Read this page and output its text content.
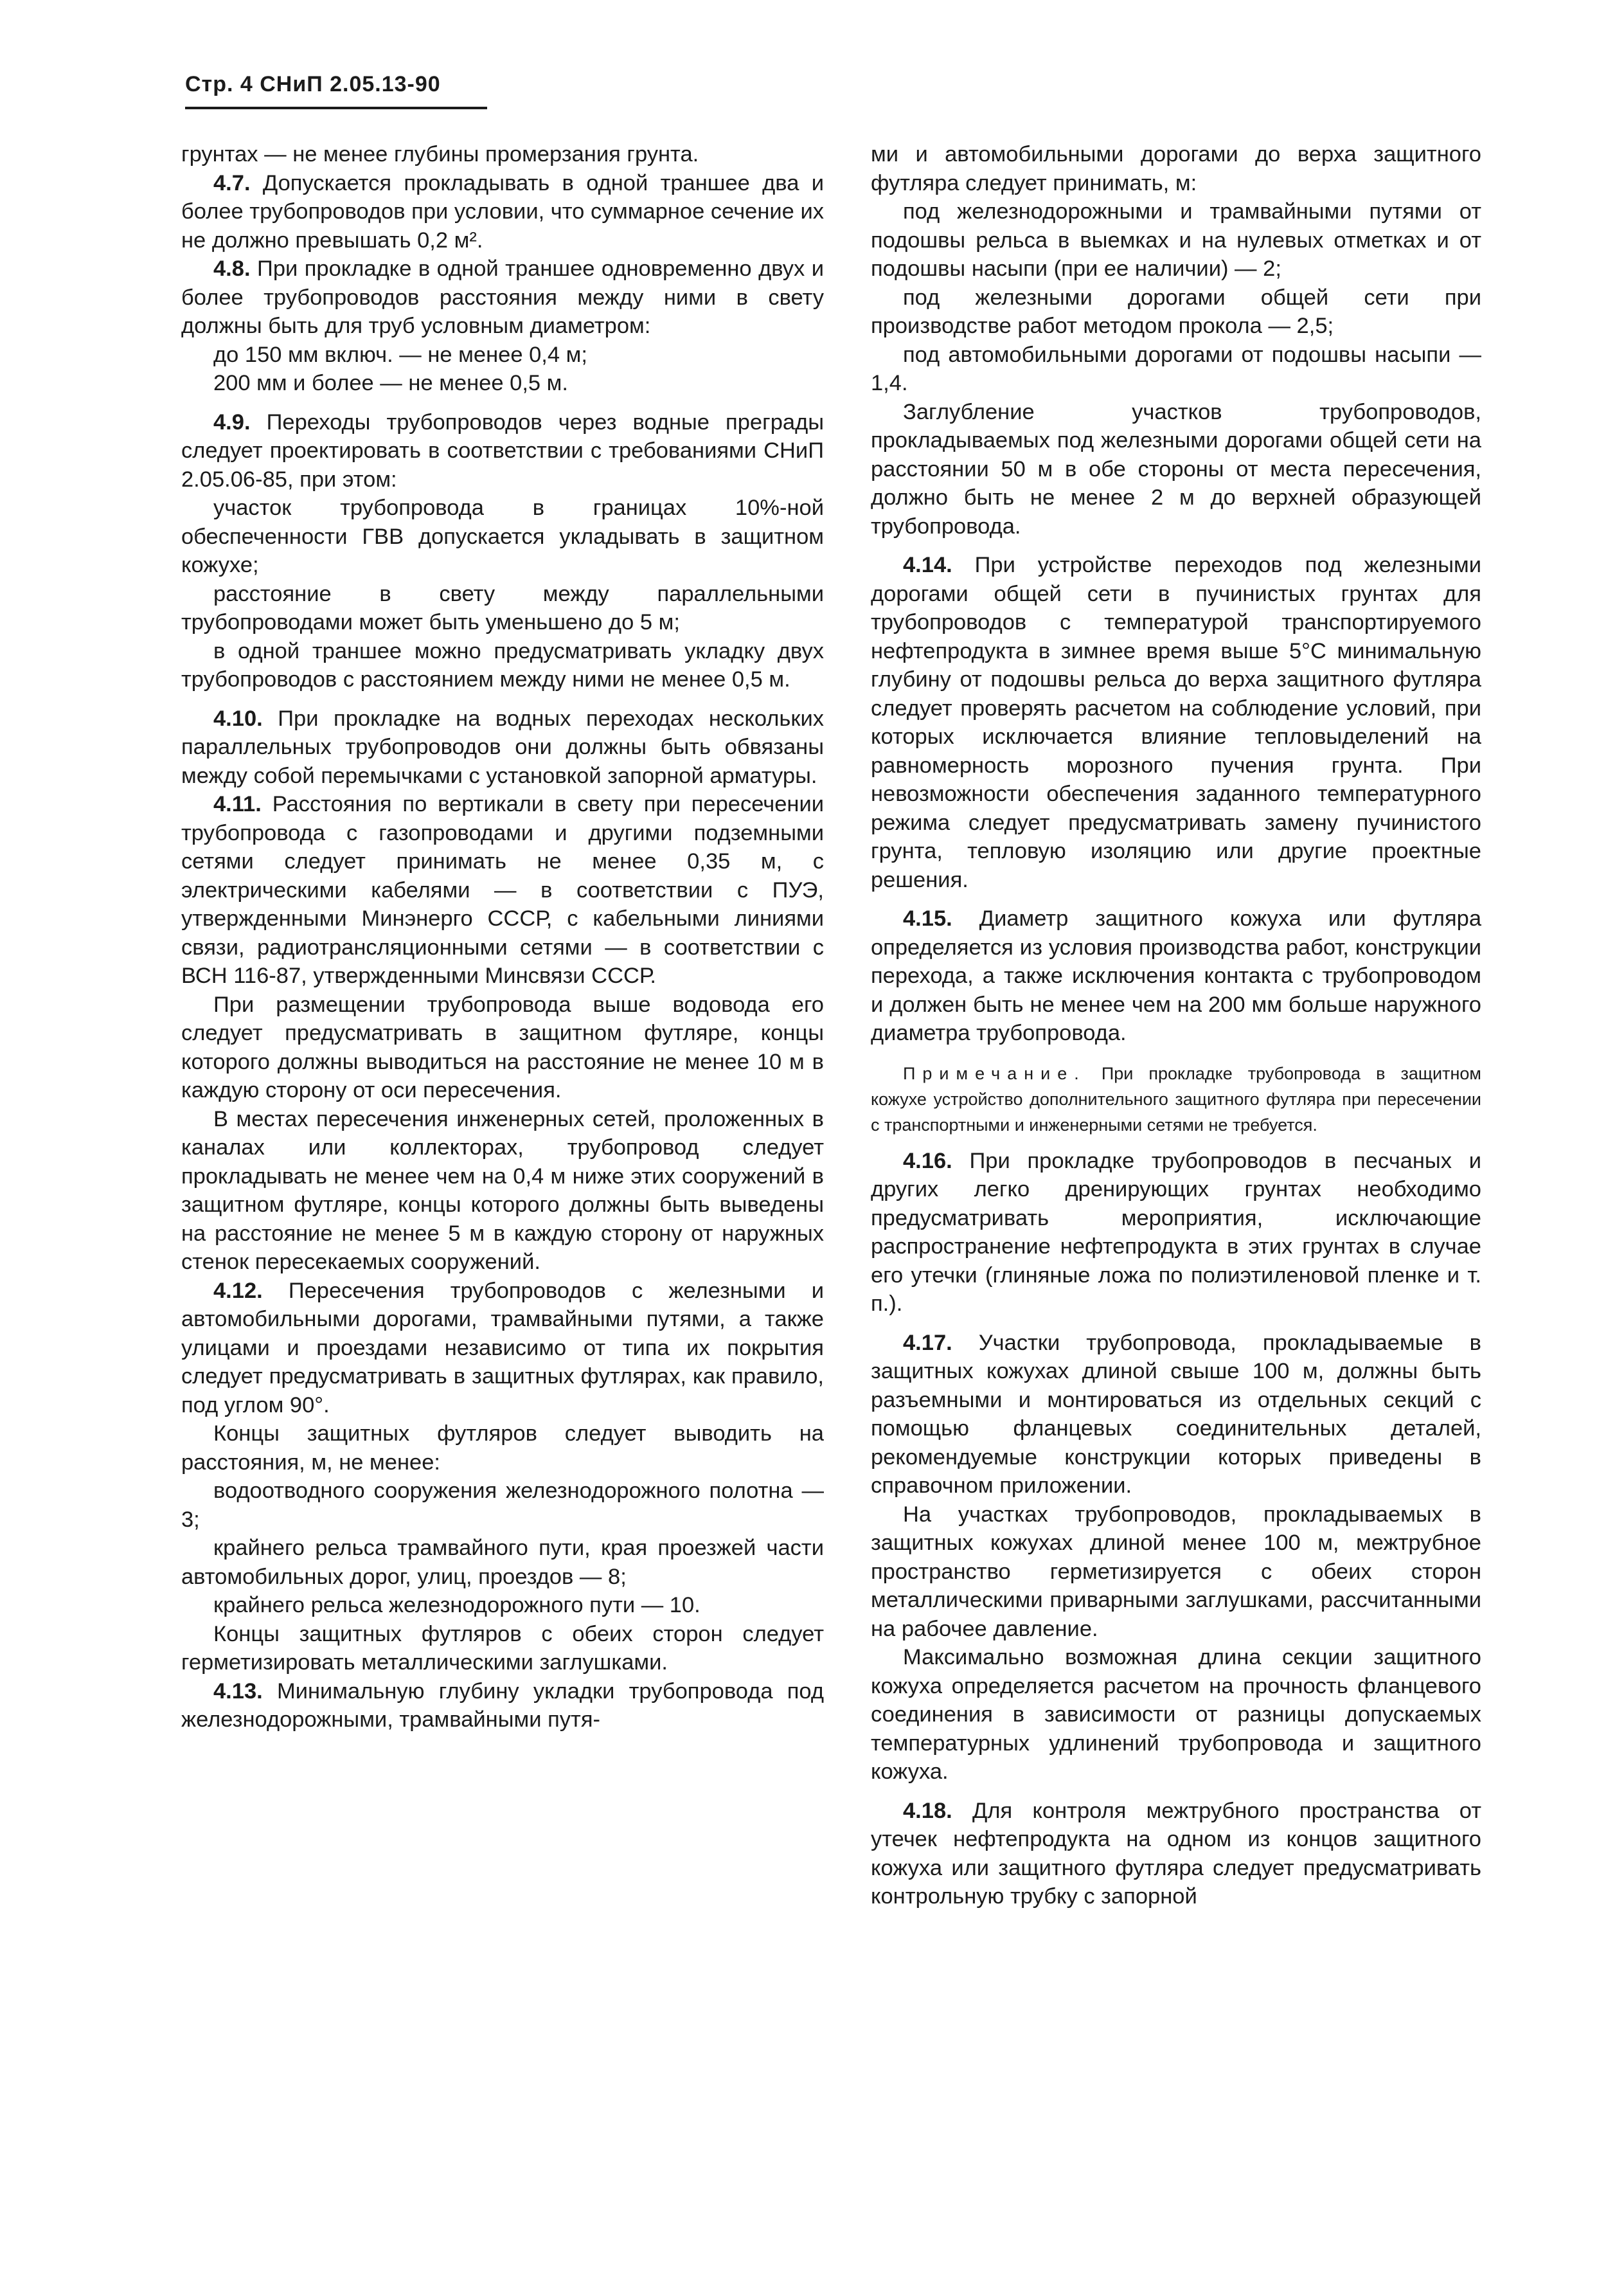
Стр. 4 СНиП 2.05.13-90

грунтах — не менее глубины промерзания грунта.

4.7. Допускается прокладывать в одной траншее два и более трубопроводов при условии, что суммарное сечение их не должно превышать 0,2 м².

4.8. При прокладке в одной траншее одновременно двух и более трубопроводов расстояния между ними в свету должны быть для труб условным диаметром:

до 150 мм включ. — не менее 0,4 м;

200 мм и более — не менее 0,5 м.

4.9. Переходы трубопроводов через водные преграды следует проектировать в соответствии с требованиями СНиП 2.05.06-85, при этом:

участок трубопровода в границах 10%-ной обеспеченности ГВВ допускается укладывать в защитном кожухе;

расстояние в свету между параллельными трубопроводами может быть уменьшено до 5 м;

в одной траншее можно предусматривать укладку двух трубопроводов с расстоянием между ними не менее 0,5 м.

4.10. При прокладке на водных переходах нескольких параллельных трубопроводов они должны быть обвязаны между собой перемычками с установкой запорной арматуры.

4.11. Расстояния по вертикали в свету при пересечении трубопровода с газопроводами и другими подземными сетями следует принимать не менее 0,35 м, с электрическими кабелями — в соответствии с ПУЭ, утвержденными Минэнерго СССР, с кабельными линиями связи, радиотрансляционными сетями — в соответствии с ВСН 116-87, утвержденными Минсвязи СССР.

При размещении трубопровода выше водовода его следует предусматривать в защитном футляре, концы которого должны выводиться на расстояние не менее 10 м в каждую сторону от оси пересечения.

В местах пересечения инженерных сетей, проложенных в каналах или коллекторах, трубопровод следует прокладывать не менее чем на 0,4 м ниже этих сооружений в защитном футляре, концы которого должны быть выведены на расстояние не менее 5 м в каждую сторону от наружных стенок пересекаемых сооружений.

4.12. Пересечения трубопроводов с железными и автомобильными дорогами, трамвайными путями, а также улицами и проездами независимо от типа их покрытия следует предусматривать в защитных футлярах, как правило, под углом 90°.

Концы защитных футляров следует выводить на расстояния, м, не менее:

водоотводного сооружения железнодорожного полотна — 3;

крайнего рельса трамвайного пути, края проезжей части автомобильных дорог, улиц, проездов — 8;

крайнего рельса железнодорожного пути — 10.

Концы защитных футляров с обеих сторон следует герметизировать металлическими заглушками.

4.13. Минимальную глубину укладки трубопровода под железнодорожными, трамвайными путя-

ми и автомобильными дорогами до верха защитного футляра следует принимать, м:

под железнодорожными и трамвайными путями от подошвы рельса в выемках и на нулевых отметках и от подошвы насыпи (при ее наличии) — 2;

под железными дорогами общей сети при производстве работ методом прокола — 2,5;

под автомобильными дорогами от подошвы насыпи — 1,4.

Заглубление участков трубопроводов, прокладываемых под железными дорогами общей сети на расстоянии 50 м в обе стороны от места пересечения, должно быть не менее 2 м до верхней образующей трубопровода.

4.14. При устройстве переходов под железными дорогами общей сети в пучинистых грунтах для трубопроводов с температурой транспортируемого нефтепродукта в зимнее время выше 5°С минимальную глубину от подошвы рельса до верха защитного футляра следует проверять расчетом на соблюдение условий, при которых исключается влияние тепловыделений на равномерность морозного пучения грунта. При невозможности обеспечения заданного температурного режима следует предусматривать замену пучинистого грунта, тепловую изоляцию или другие проектные решения.

4.15. Диаметр защитного кожуха или футляра определяется из условия производства работ, конструкции перехода, а также исключения контакта с трубопроводом и должен быть не менее чем на 200 мм больше наружного диаметра трубопровода.

Примечание. При прокладке трубопровода в защитном кожухе устройство дополнительного защитного футляра при пересечении с транспортными и инженерными сетями не требуется.

4.16. При прокладке трубопроводов в песчаных и других легко дренирующих грунтах необходимо предусматривать мероприятия, исключающие распространение нефтепродукта в этих грунтах в случае его утечки (глиняные ложа по полиэтиленовой пленке и т. п.).

4.17. Участки трубопровода, прокладываемые в защитных кожухах длиной свыше 100 м, должны быть разъемными и монтироваться из отдельных секций с помощью фланцевых соединительных деталей, рекомендуемые конструкции которых приведены в справочном приложении.

На участках трубопроводов, прокладываемых в защитных кожухах длиной менее 100 м, межтрубное пространство герметизируется с обеих сторон металлическими приварными заглушками, рассчитанными на рабочее давление.

Максимально возможная длина секции защитного кожуха определяется расчетом на прочность фланцевого соединения в зависимости от разницы допускаемых температурных удлинений трубопровода и защитного кожуха.

4.18. Для контроля межтрубного пространства от утечек нефтепродукта на одном из концов защитного кожуха или защитного футляра следует предусматривать контрольную трубку с запорной
